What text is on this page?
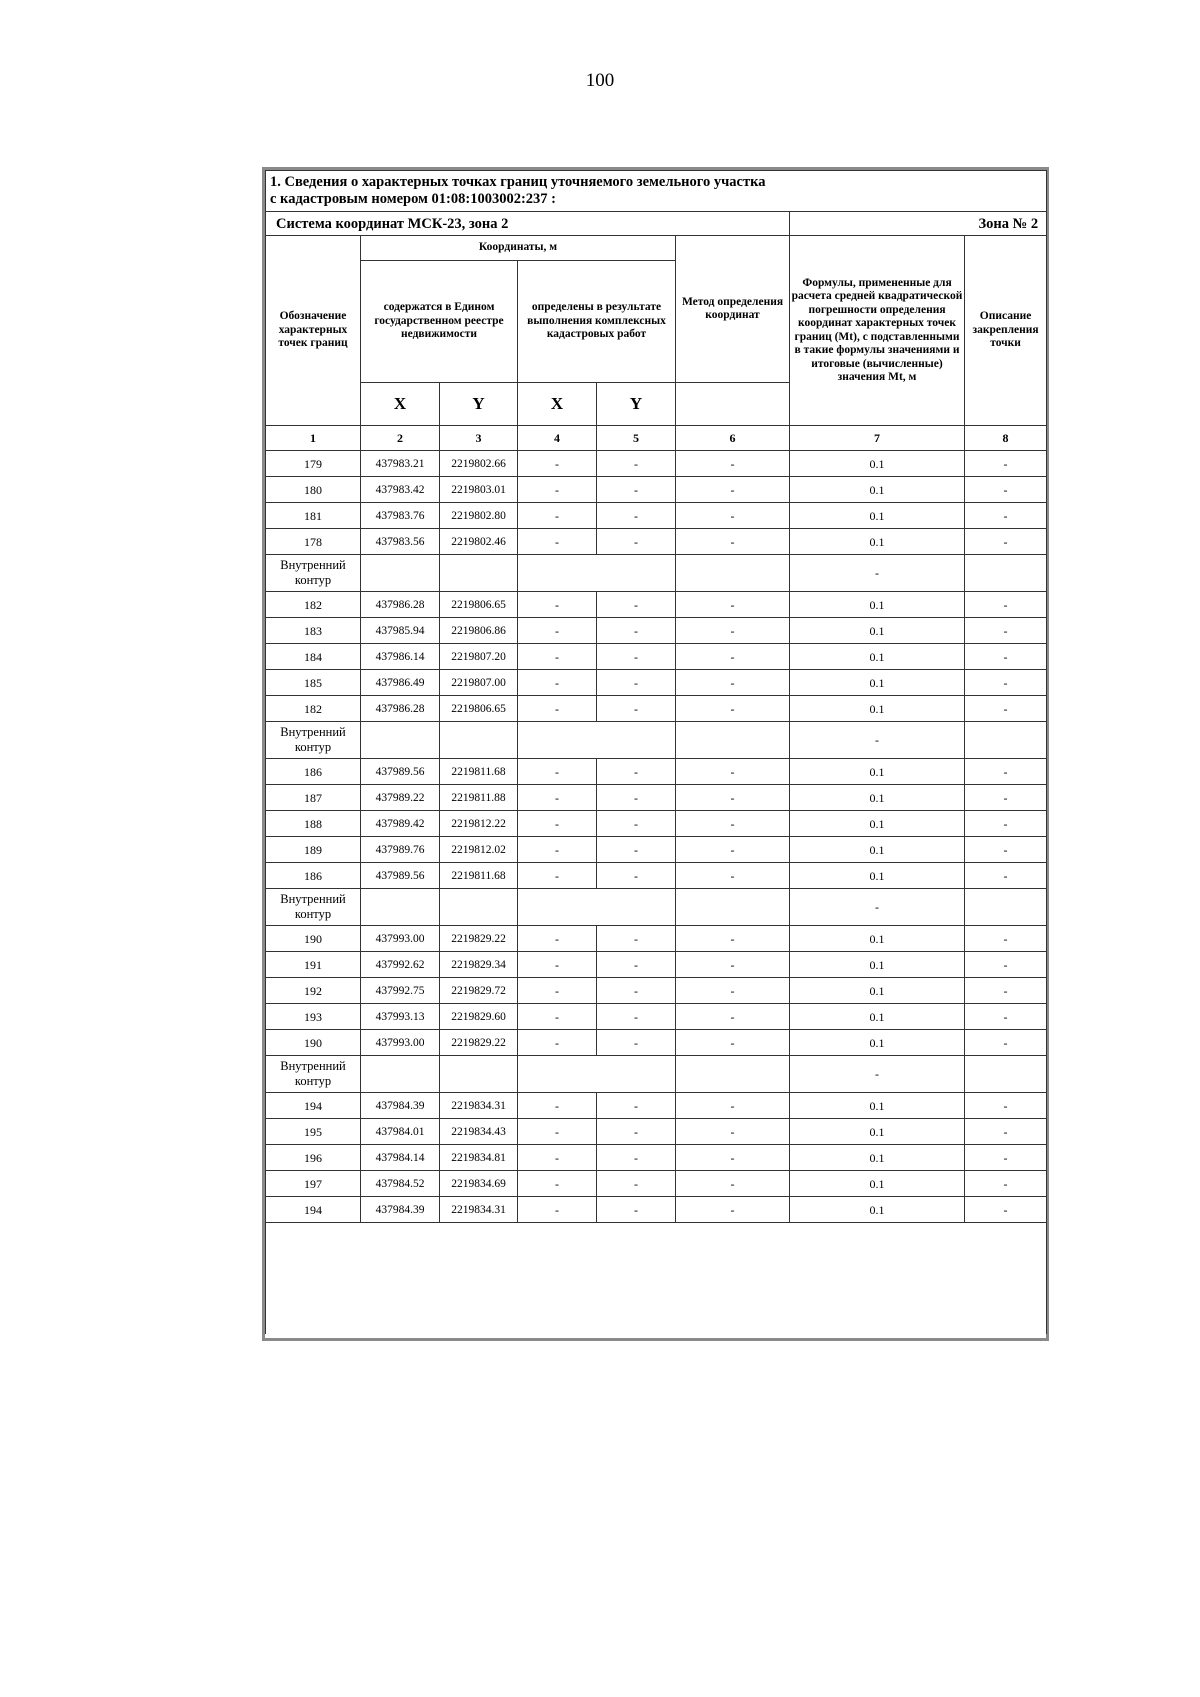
100
1. Сведения о характерных точках границ уточняемого земельного участка
с кадастровым номером 01:08:1003002:237 :							

Система координат МСК-23, зона 2						Зона № 2	
Обозначение характерных точек границ	Координаты, м				Метод определения координат	Формулы, примененные для расчета средней квадратической погрешности определения координат характерных точек границ (Mt), с подставленными в такие формулы значениями и итоговые (вычисленные) значения Mt, м	Описание закрепления точки
	содержатся в Едином государственном реестре недвижимости		определены в результате выполнения комплексных кадастровых работ				
	X	Y	X	Y			
1	2	3	4	5	6	7	8
179	437983.21	2219802.66	-	-	-	0.1	-
180	437983.42	2219803.01	-	-	-	0.1	-
181	437983.76	2219802.80	-	-	-	0.1	-
178	437983.56	2219802.46	-	-	-	0.1	-
Внутренний контур						-	
182	437986.28	2219806.65	-	-	-	0.1	-
183	437985.94	2219806.86	-	-	-	0.1	-
184	437986.14	2219807.20	-	-	-	0.1	-
185	437986.49	2219807.00	-	-	-	0.1	-
182	437986.28	2219806.65	-	-	-	0.1	-
Внутренний контур						-	
186	437989.56	2219811.68	-	-	-	0.1	-
187	437989.22	2219811.88	-	-	-	0.1	-
188	437989.42	2219812.22	-	-	-	0.1	-
189	437989.76	2219812.02	-	-	-	0.1	-
186	437989.56	2219811.68	-	-	-	0.1	-
Внутренний контур						-	
190	437993.00	2219829.22	-	-	-	0.1	-
191	437992.62	2219829.34	-	-	-	0.1	-
192	437992.75	2219829.72	-	-	-	0.1	-
193	437993.13	2219829.60	-	-	-	0.1	-
190	437993.00	2219829.22	-	-	-	0.1	-
Внутренний контур						-	
194	437984.39	2219834.31	-	-	-	0.1	-
195	437984.01	2219834.43	-	-	-	0.1	-
196	437984.14	2219834.81	-	-	-	0.1	-
197	437984.52	2219834.69	-	-	-	0.1	-
194	437984.39	2219834.31	-	-	-	0.1	-
